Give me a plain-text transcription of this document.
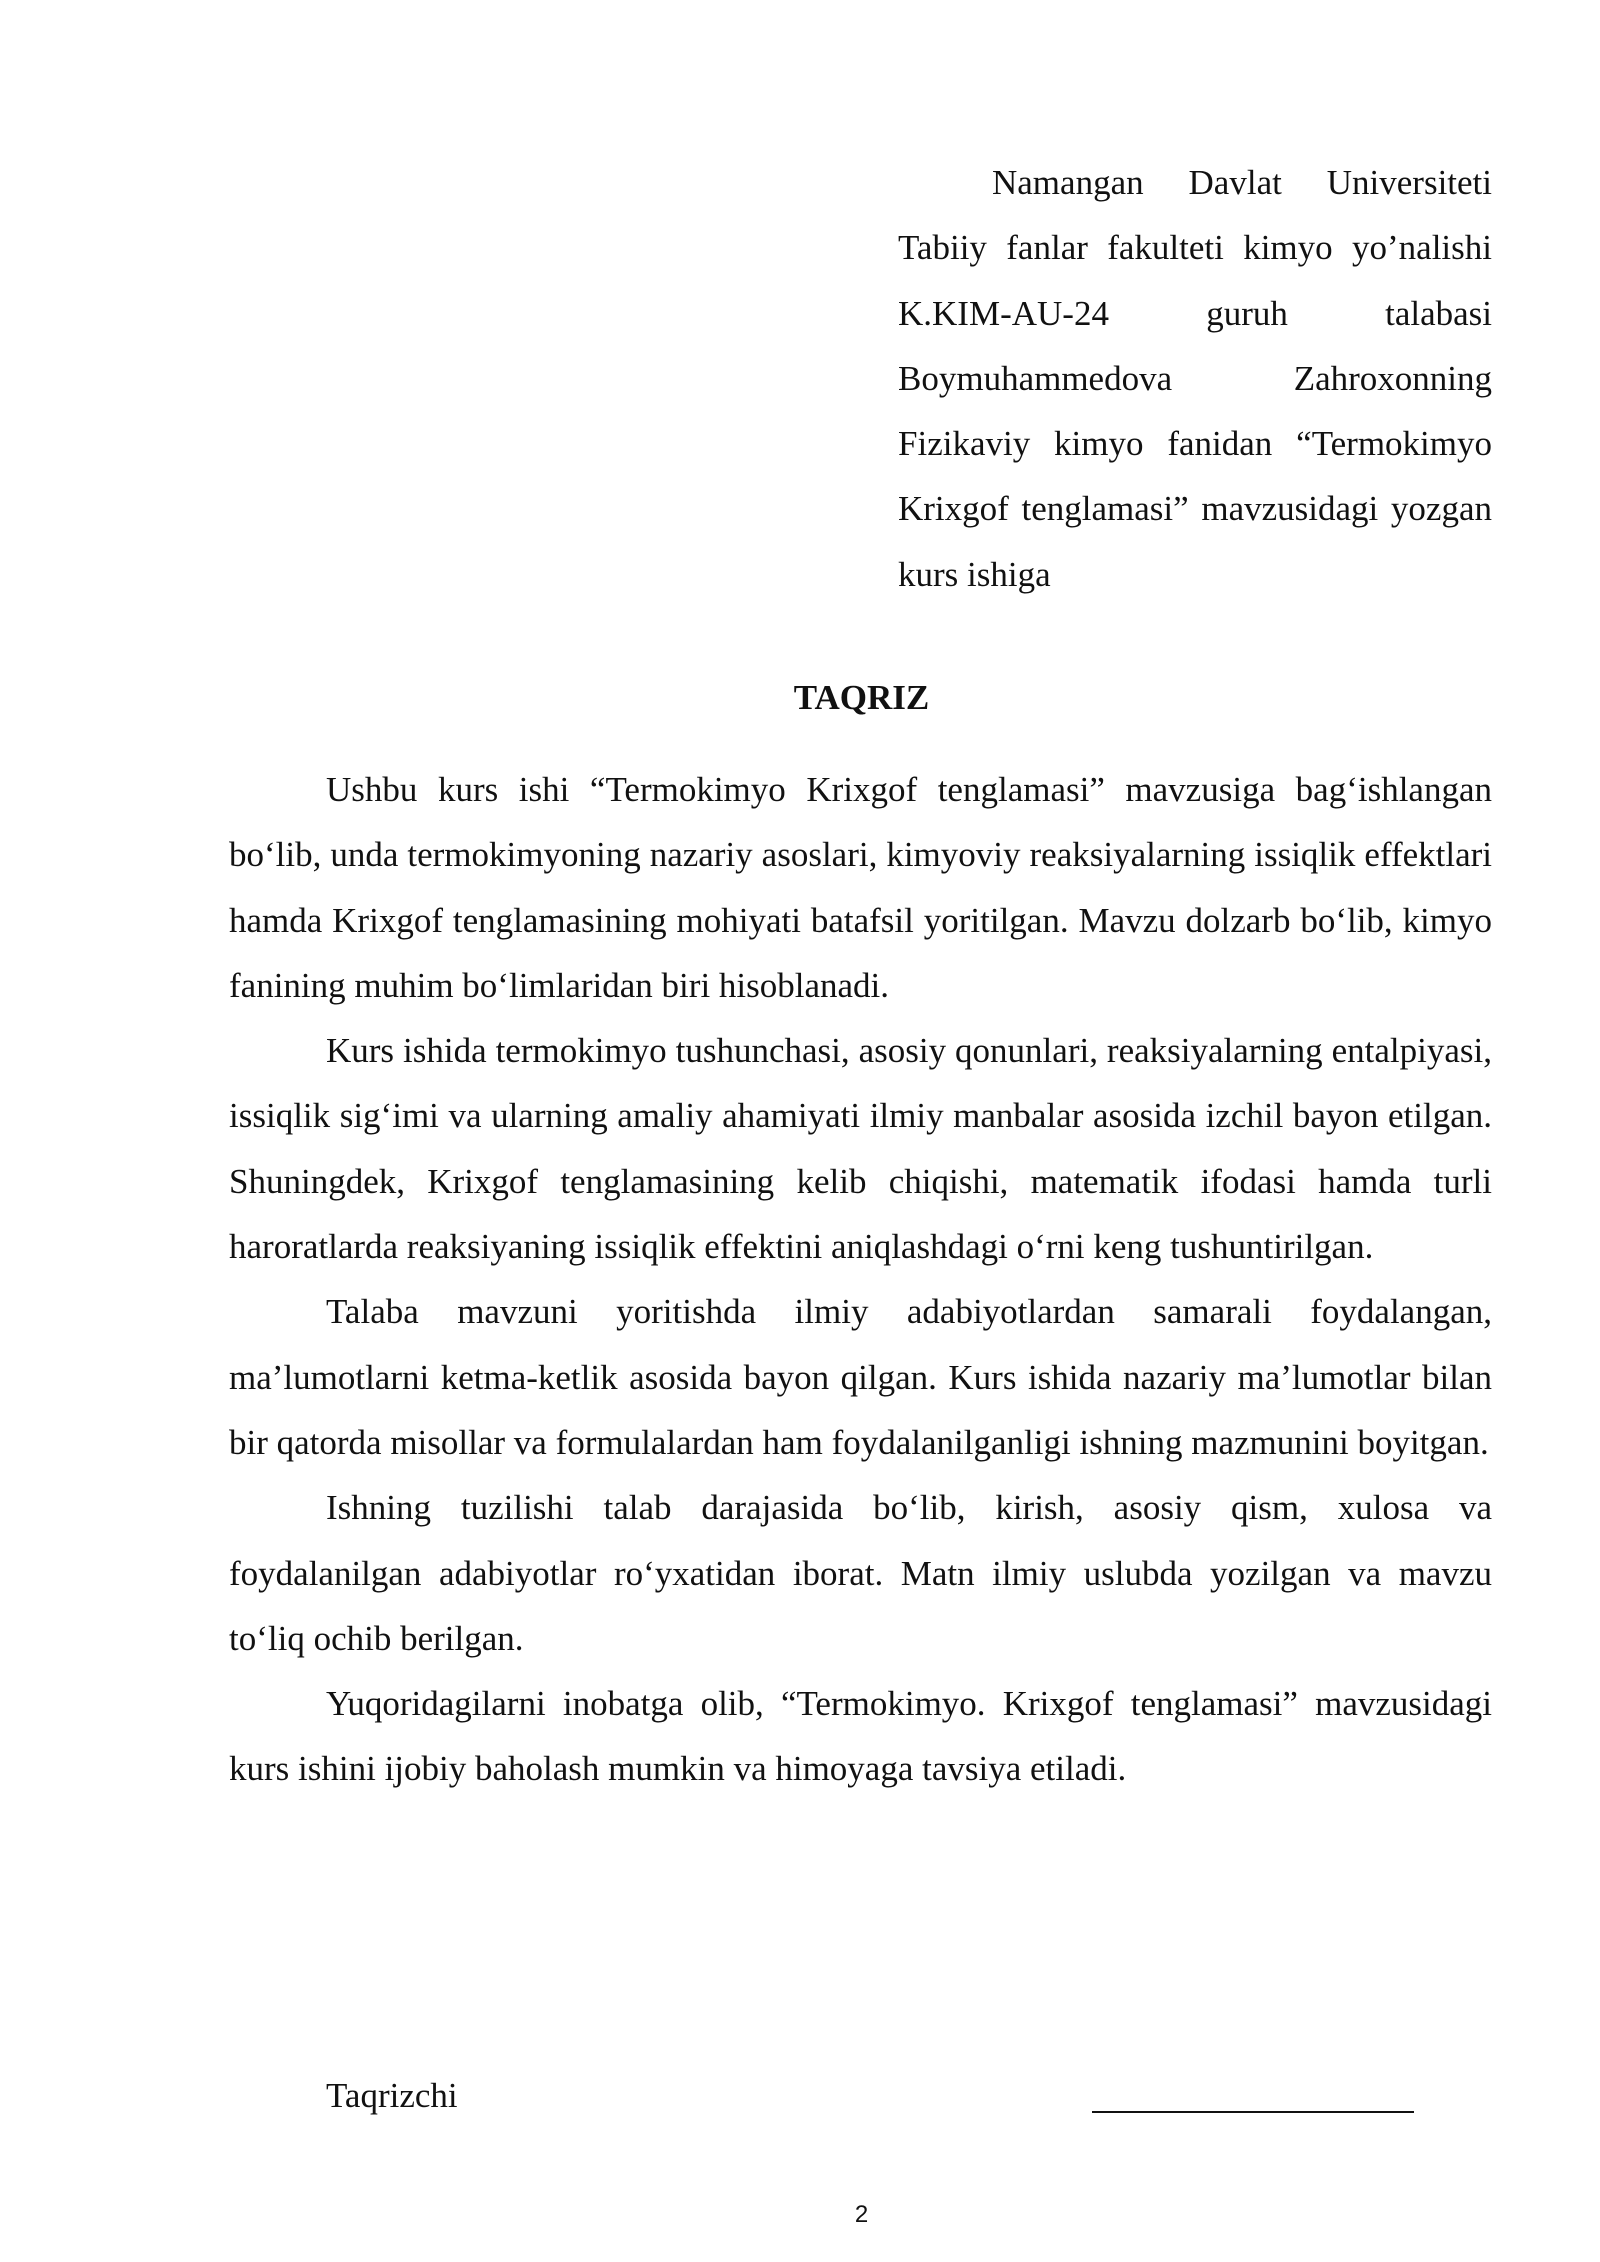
Namangan Davlat Universiteti Tabiiy fanlar fakulteti kimyo yo’nalishi K.KIM-AU-24 guruh talabasi Boymuhammedova Zahroxonning Fizikaviy kimyo fanidan “Termokimyo Krixgof tenglamasi” mavzusidagi yozgan kurs ishiga
TAQRIZ

Ushbu kurs ishi “Termokimyo Krixgof tenglamasi” mavzusiga bag‘ishlangan bo‘lib, unda termokimyoning nazariy asoslari, kimyoviy reaksiyalarning issiqlik effektlari hamda Krixgof tenglamasining mohiyati batafsil yoritilgan. Mavzu dolzarb bo‘lib, kimyo fanining muhim bo‘limlaridan biri hisoblanadi.

Kurs ishida termokimyo tushunchasi, asosiy qonunlari, reaksiyalarning entalpiyasi, issiqlik sig‘imi va ularning amaliy ahamiyati ilmiy manbalar asosida izchil bayon etilgan. Shuningdek, Krixgof tenglamasining kelib chiqishi, matematik ifodasi hamda turli haroratlarda reaksiyaning issiqlik effektini aniqlashdagi o‘rni keng tushuntirilgan.

Talaba mavzuni yoritishda ilmiy adabiyotlardan samarali foydalangan, ma’lumotlarni ketma-ketlik asosida bayon qilgan. Kurs ishida nazariy ma’lumotlar bilan bir qatorda misollar va formulalardan ham foydalanilganligi ishning mazmunini boyitgan.

Ishning tuzilishi talab darajasida bo‘lib, kirish, asosiy qism, xulosa va foydalanilgan adabiyotlar ro‘yxatidan iborat. Matn ilmiy uslubda yozilgan va mavzu to‘liq ochib berilgan.

Yuqoridagilarni inobatga olib, “Termokimyo. Krixgof tenglamasi” mavzusidagi kurs ishini ijobiy baholash mumkin va himoyaga tavsiya etiladi.

Taqrizchi
2
